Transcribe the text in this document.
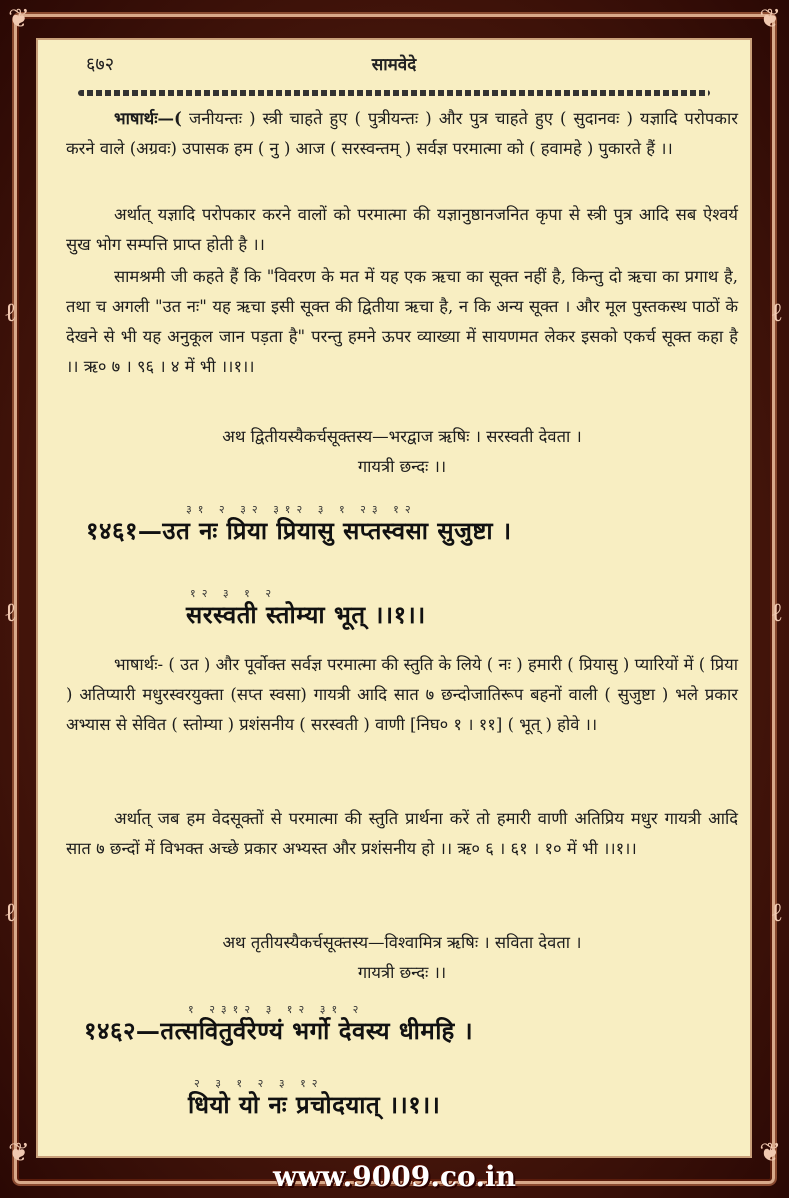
❦	❦
❦	❦
ℓ
ℓ
ℓ
ℓ
ℓ
ℓ
६७२	सामवेदे
भाषार्थः—( जनीयन्तः ) स्त्री चाहते हुए ( पुत्रीयन्तः ) और पुत्र चाहते हुए ( सुदानवः ) यज्ञादि परोपकार करने वाले (अग्रवः) उपासक हम ( नु ) आज ( सरस्वन्तम् ) सर्वज्ञ परमात्मा को ( हवामहे ) पुकारते हैं ।।
अर्थात् यज्ञादि परोपकार करने वालों को परमात्मा की यज्ञानुष्ठानजनित कृपा से स्त्री पुत्र आदि सब ऐश्वर्य सुख भोग सम्पत्ति प्राप्त होती है ।।
सामश्रमी जी कहते हैं कि "विवरण के मत में यह एक ऋचा का सूक्त नहीं है, किन्तु दो ऋचा का प्रगाथ है, तथा च अगली "उत नः" यह ऋचा इसी सूक्त की द्वितीया ऋचा है, न कि अन्य सूक्त । और मूल पुस्तकस्थ पाठों के देखने से भी यह अनुकूल जान पड़ता है" परन्तु हमने ऊपर व्याख्या में सायणमत लेकर इसको एकर्च सूक्त कहा है ।। ऋ० ७ । ९६ । ४ में भी ।।१।।
अथ द्वितीयस्यैकर्चसूक्तस्य—भरद्वाज ऋषिः । सरस्वती देवता ।
गायत्री छन्दः ।।
३१ २ ३२ ३१२ ३ १ २३ १२
१४६१—उत नः प्रिया प्रियासु सप्तस्वसा सुजुष्टा ।
१२ ३ १ २
सरस्वती स्तोम्या भूत् ।।१।।
भाषार्थः- ( उत ) और पूर्वोक्त सर्वज्ञ परमात्मा की स्तुति के लिये ( नः ) हमारी ( प्रियासु ) प्यारियों में ( प्रिया ) अतिप्यारी मधुरस्वरयुक्ता (सप्त स्वसा) गायत्री आदि सात ७ छन्दोजातिरूप बहनों वाली ( सुजुष्टा ) भले प्रकार अभ्यास से सेवित ( स्तोम्या ) प्रशंसनीय ( सरस्वती ) वाणी [निघ० १ । ११] ( भूत् ) होवे ।।
अर्थात् जब हम वेदसूक्तों से परमात्मा की स्तुति प्रार्थना करें तो हमारी वाणी अतिप्रिय मधुर गायत्री आदि सात ७ छन्दों में विभक्त अच्छे प्रकार अभ्यस्त और प्रशंसनीय हो ।। ऋ० ६ । ६१ । १० में भी ।।१।।
अथ तृतीयस्यैकर्चसूक्तस्य—विश्वामित्र ऋषिः । सविता देवता ।
गायत्री छन्दः ।।
१ २३१२ ३ १२ ३१ २
१४६२—तत्सवितुर्वरेण्यं भर्गो देवस्य धीमहि ।
२ ३ १ २ ३ १२
धियो यो नः प्रचोदयात् ।।१।।
www.9009.co.in
